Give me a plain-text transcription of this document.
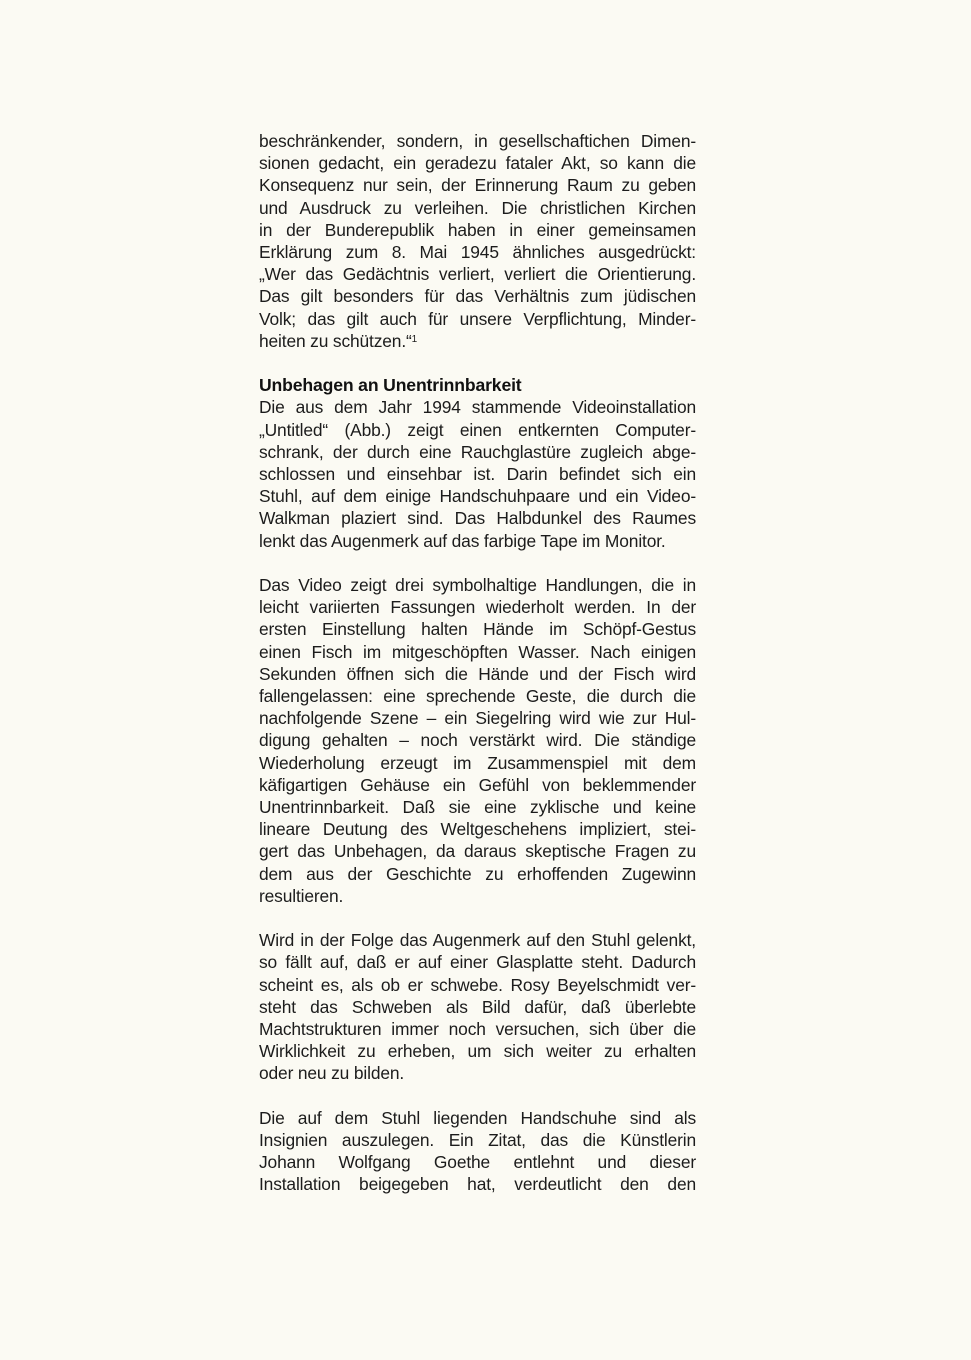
beschränkender, sondern, in gesellschaftichen Dimen-
sionen gedacht, ein geradezu fataler Akt, so kann die
Konsequenz nur sein, der Erinnerung Raum zu geben
und Ausdruck zu verleihen. Die christlichen Kirchen
in der Bunderepublik haben in einer gemeinsamen
Erklärung zum 8. Mai 1945 ähnliches ausgedrückt:
„Wer das Gedächtnis verliert, verliert die Orientierung.
Das gilt besonders für das Verhältnis zum jüdischen
Volk; das gilt auch für unsere Verpflichtung, Minder-
heiten zu schützen.“$^1$

Unbehagen an Unentrinnbarkeit

Die aus dem Jahr 1994 stammende Videoinstallation
„Untitled“ (Abb.) zeigt einen entkernten Computer-
schrank, der durch eine Rauchglastüre zugleich abge-
schlossen und einsehbar ist. Darin befindet sich ein
Stuhl, auf dem einige Handschuhpaare und ein Video-
Walkman plaziert sind. Das Halbdunkel des Raumes
lenkt das Augenmerk auf das farbige Tape im Monitor.

Das Video zeigt drei symbolhaltige Handlungen, die in
leicht variierten Fassungen wiederholt werden. In der
ersten Einstellung halten Hände im Schöpf-Gestus
einen Fisch im mitgeschöpften Wasser. Nach einigen
Sekunden öffnen sich die Hände und der Fisch wird
fallengelassen: eine sprechende Geste, die durch die
nachfolgende Szene – ein Siegelring wird wie zur Hul-
digung gehalten – noch verstärkt wird. Die ständige
Wiederholung erzeugt im Zusammenspiel mit dem
käfigartigen Gehäuse ein Gefühl von beklemmender
Unentrinnbarkeit. Daß sie eine zyklische und keine
lineare Deutung des Weltgeschehens impliziert, stei-
gert das Unbehagen, da daraus skeptische Fragen zu
dem aus der Geschichte zu erhoffenden Zugewinn
resultieren.

Wird in der Folge das Augenmerk auf den Stuhl gelenkt,
so fällt auf, daß er auf einer Glasplatte steht. Dadurch
scheint es, als ob er schwebe. Rosy Beyelschmidt ver-
steht das Schweben als Bild dafür, daß überlebte
Machtstrukturen immer noch versuchen, sich über die
Wirklichkeit zu erheben, um sich weiter zu erhalten
oder neu zu bilden.

Die auf dem Stuhl liegenden Handschuhe sind als
Insignien auszulegen. Ein Zitat, das die Künstlerin
Johann Wolfgang Goethe entlehnt und dieser
Installation beigegeben hat, verdeutlicht den den
